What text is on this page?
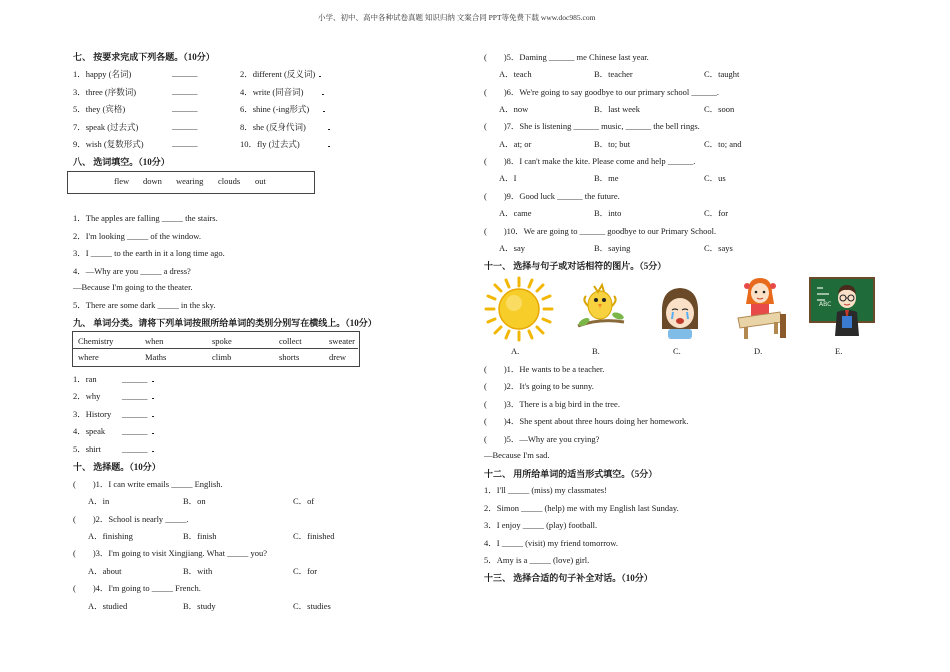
小学、初中、高中各种试卷真题 知识归纳 文案合同 PPT等免费下载 www.doc985.com
七、 按要求完成下列各题。（10分）
1．happy (名词)	______	2．different (反义词)
3．three (序数词)	______	4．write (同音词)
5．they (宾格)	______	6．shine (-ing形式)
7．speak (过去式)	______	8．she (反身代词)
9．wish (复数形式)	______	10．fly (过去式)
八、 选词填空。（10分）
flew down wearing clouds out
1．The apples are falling _____ the stairs.
2．I'm looking _____ of the window.
3．I _____ to the earth in it a long time ago.
4．—Why are you _____ a dress?
—Because I'm going to the theater.
5．There are some dark _____ in the sky.
九、 单词分类。请将下列单词按照所给单词的类别分别写在横线上。（10分）
Chemistry	when	spoke	collect	sweater
where	Maths	climb	shorts	drew
1．ran	______
2．why	______
3．History ______
4．speak ______
5．shirt ______
十、 选择题。（10分）
(　　)1．I can write emails _____ English.
A．in	B．on	C．of
(　　)2．School is nearly _____.
A．finishing	B．finish	C．finished
(　　)3．I'm going to visit Xingjiang. What _____ you?
A．about	B．with	C．for
(　　)4．I'm going to _____ French.
A．studied	B．study	C．studies
(　　)5．Daming ______ me Chinese last year.
A．teach	B．teacher	C．taught
(　　)6．We're going to say goodbye to our primary school ______.
A．now	B．last week	C．soon
(　　)7．She is listening ______ music, ______ the bell rings.
A．at; or	B．to; but	C．to; and
(　　)8．I can't make the kite. Please come and help ______.
A．I	B．me	C．us
(　　)9．Good luck ______ the future.
A．came	B．into	C．for
(　　)10．We are going to ______ goodbye to our Primary School.
A．say	B．saying	C．says
十一、 选择与句子或对话相符的图片。（5分）
ABC
A.	B.	C.	D.	E.
(　　)1．He wants to be a teacher.
(　　)2．It's going to be sunny.
(　　)3．There is a big bird in the tree.
(　　)4．She spent about three hours doing her homework.
(　　)5．—Why are you crying?
—Because I'm sad.
十二、 用所给单词的适当形式填空。（5分）
1．I'll _____ (miss) my classmates!
2．Simon _____ (help) me with my English last Sunday.
3．I enjoy _____ (play) football.
4．I _____ (visit) my friend tomorrow.
5．Amy is a _____ (love) girl.
十三、 选择合适的句子补全对话。（10分）
